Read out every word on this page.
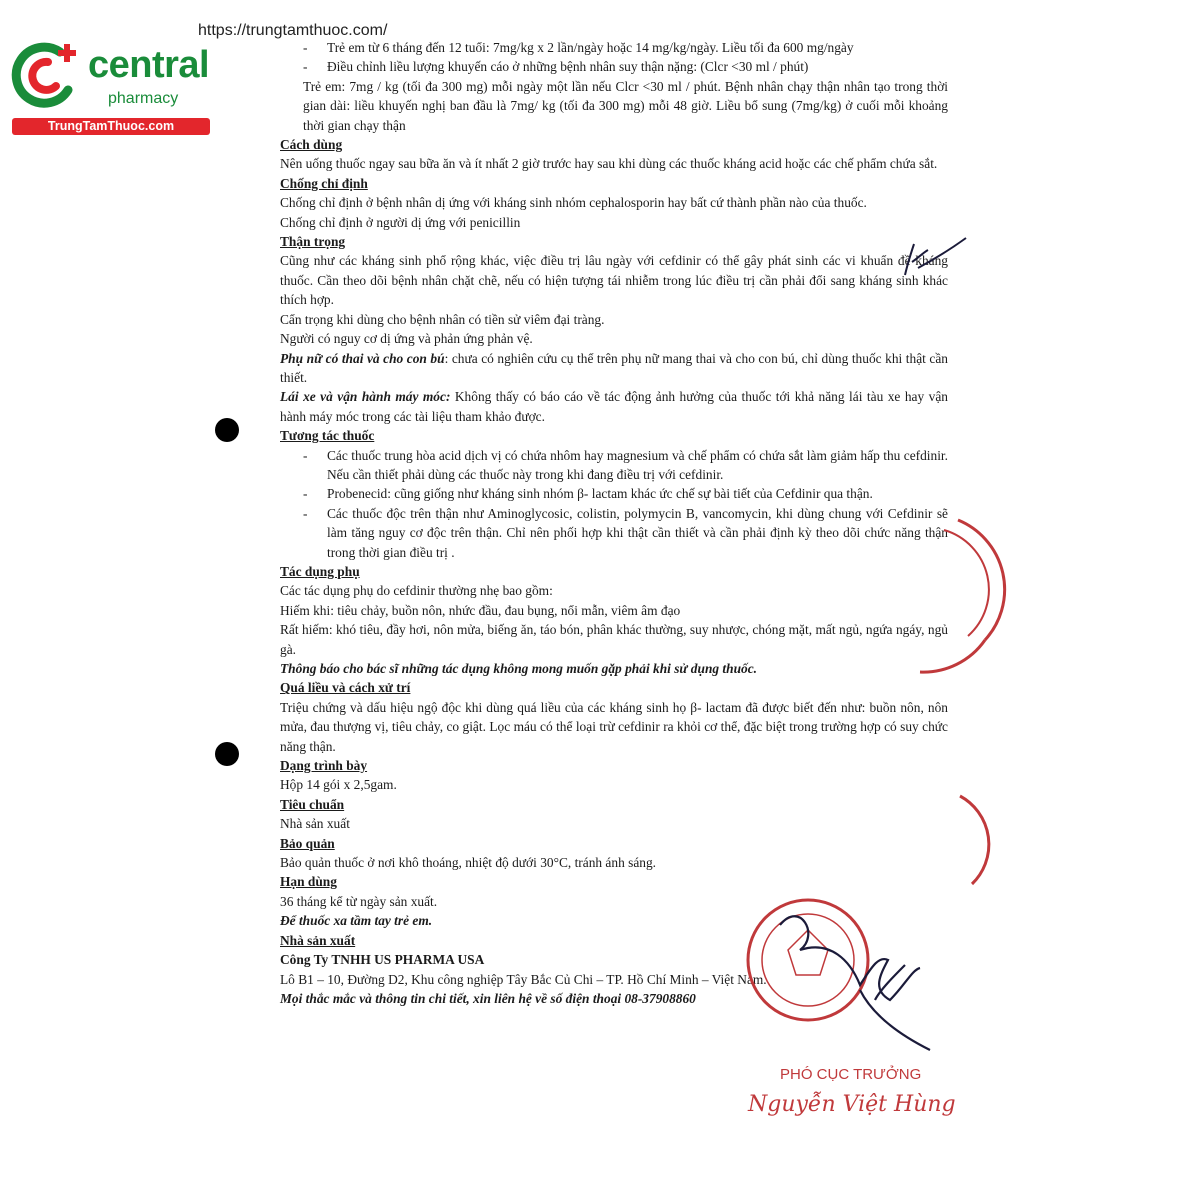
https://trungtamthuoc.com/
central
pharmacy
TrungTamThuoc.com

- Trẻ em từ 6 tháng đến 12 tuổi: 7mg/kg x 2 lần/ngày hoặc 14 mg/kg/ngày. Liều tối đa 600 mg/ngày

- Điều chỉnh liều lượng khuyến cáo ở những bệnh nhân suy thận nặng: (Clcr <30 ml / phút)

Trẻ em: 7mg / kg (tối đa 300 mg) mỗi ngày một lần nếu Clcr <30 ml / phút. Bệnh nhân chạy thận nhân tạo trong thời gian dài: liều khuyến nghị ban đầu là 7mg/ kg (tối đa 300 mg) mỗi 48 giờ. Liều bổ sung (7mg/kg) ở cuối mỗi khoảng thời gian chạy thận

Cách dùng

Nên uống thuốc ngay sau bữa ăn và ít nhất 2 giờ trước hay sau khi dùng các thuốc kháng acid hoặc các chế phẩm chứa sắt.

Chống chỉ định

Chống chỉ định ở bệnh nhân dị ứng với kháng sinh nhóm cephalosporin hay bất cứ thành phần nào của thuốc.

Chống chỉ định ở người dị ứng với penicillin

Thận trọng

Cũng như các kháng sinh phổ rộng khác, việc điều trị lâu ngày với cefdinir có thể gây phát sinh các vi khuẩn đề kháng thuốc. Cần theo dõi bệnh nhân chặt chẽ, nếu có hiện tượng tái nhiễm trong lúc điều trị cần phải đổi sang kháng sinh khác thích hợp.

Cẩn trọng khi dùng cho bệnh nhân có tiền sử viêm đại tràng.

Người có nguy cơ dị ứng và phản ứng phản vệ.

Phụ nữ có thai và cho con bú: chưa có nghiên cứu cụ thể trên phụ nữ mang thai và cho con bú, chỉ dùng thuốc khi thật cần thiết.

Lái xe và vận hành máy móc: Không thấy có báo cáo về tác động ảnh hưởng của thuốc tới khả năng lái tàu xe hay vận hành máy móc trong các tài liệu tham khảo được.

Tương tác thuốc

- Các thuốc trung hòa acid dịch vị có chứa nhôm hay magnesium và chế phẩm có chứa sắt làm giảm hấp thu cefdinir. Nếu cần thiết phải dùng các thuốc này trong khi đang điều trị với cefdinir.

- Probenecid: cũng giống như kháng sinh nhóm β- lactam khác ức chế sự bài tiết của Cefdinir qua thận.

- Các thuốc độc trên thận như Aminoglycosic, colistin, polymycin B, vancomycin, khi dùng chung với Cefdinir sẽ làm tăng nguy cơ độc trên thận. Chỉ nên phối hợp khi thật cần thiết và cần phải định kỳ theo dõi chức năng thận trong thời gian điều trị .

Tác dụng phụ

Các tác dụng phụ do cefdinir thường nhẹ bao gồm:

Hiếm khi: tiêu chảy, buồn nôn, nhức đầu, đau bụng, nổi mẫn, viêm âm đạo

Rất hiếm: khó tiêu, đầy hơi, nôn mửa, biếng ăn, táo bón, phân khác thường, suy nhược, chóng mặt, mất ngủ, ngứa ngáy, ngủ gà.

Thông báo cho bác sĩ những tác dụng không mong muốn gặp phải khi sử dụng thuốc.

Quá liều và cách xử trí

Triệu chứng và dấu hiệu ngộ độc khi dùng quá liều của các kháng sinh họ β- lactam đã được biết đến như: buồn nôn, nôn mửa, đau thượng vị, tiêu chảy, co giật. Lọc máu có thể loại trừ cefdinir ra khỏi cơ thể, đặc biệt trong trường hợp có suy chức năng thận.

Dạng trình bày

Hộp 14 gói x 2,5gam.

Tiêu chuẩn

Nhà sản xuất

Bảo quản

Bảo quản thuốc ở nơi khô thoáng, nhiệt độ dưới 30°C, tránh ánh sáng.

Hạn dùng

36 tháng kể từ ngày sản xuất.

Để thuốc xa tầm tay trẻ em.

Nhà sản xuất

Công Ty TNHH US PHARMA USA

Lô B1 – 10, Đường D2, Khu công nghiệp Tây Bắc Củ Chi – TP. Hồ Chí Minh – Việt Nam.

Mọi thắc mắc và thông tin chi tiết, xin liên hệ về số điện thoại 08-37908860

PHÓ CỤC TRƯỞNG
Nguyễn Việt Hùng
